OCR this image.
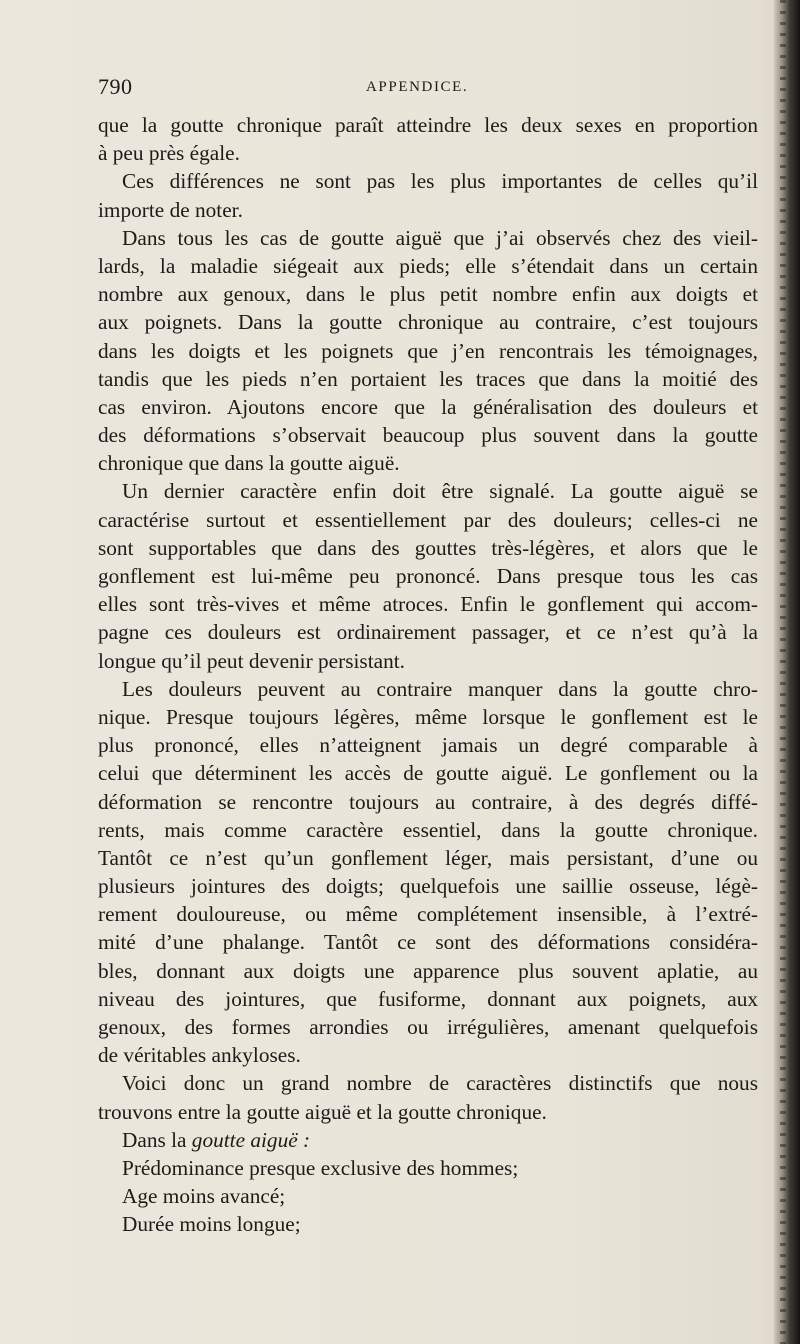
790	APPENDICE.
que la goutte chronique paraît atteindre les deux sexes en proportion
à peu près égale.
Ces différences ne sont pas les plus importantes de celles qu’il
importe de noter.
Dans tous les cas de goutte aiguë que j’ai observés chez des vieil-
lards, la maladie siégeait aux pieds; elle s’étendait dans un certain
nombre aux genoux, dans le plus petit nombre enfin aux doigts et
aux poignets. Dans la goutte chronique au contraire, c’est toujours
dans les doigts et les poignets que j’en rencontrais les témoignages,
tandis que les pieds n’en portaient les traces que dans la moitié des
cas environ. Ajoutons encore que la généralisation des douleurs et
des déformations s’observait beaucoup plus souvent dans la goutte
chronique que dans la goutte aiguë.
Un dernier caractère enfin doit être signalé. La goutte aiguë se
caractérise surtout et essentiellement par des douleurs; celles-ci ne
sont supportables que dans des gouttes très-légères, et alors que le
gonflement est lui-même peu prononcé. Dans presque tous les cas
elles sont très-vives et même atroces. Enfin le gonflement qui accom-
pagne ces douleurs est ordinairement passager, et ce n’est qu’à la
longue qu’il peut devenir persistant.
Les douleurs peuvent au contraire manquer dans la goutte chro-
nique. Presque toujours légères, même lorsque le gonflement est le
plus prononcé, elles n’atteignent jamais un degré comparable à
celui que déterminent les accès de goutte aiguë. Le gonflement ou la
déformation se rencontre toujours au contraire, à des degrés diffé-
rents, mais comme caractère essentiel, dans la goutte chronique.
Tantôt ce n’est qu’un gonflement léger, mais persistant, d’une ou
plusieurs jointures des doigts; quelquefois une saillie osseuse, légè-
rement douloureuse, ou même complétement insensible, à l’extré-
mité d’une phalange. Tantôt ce sont des déformations considéra-
bles, donnant aux doigts une apparence plus souvent aplatie, au
niveau des jointures, que fusiforme, donnant aux poignets, aux
genoux, des formes arrondies ou irrégulières, amenant quelquefois
de véritables ankyloses.
Voici donc un grand nombre de caractères distinctifs que nous
trouvons entre la goutte aiguë et la goutte chronique.
Dans la goutte aiguë :
Prédominance presque exclusive des hommes;
Age moins avancé;
Durée moins longue;
